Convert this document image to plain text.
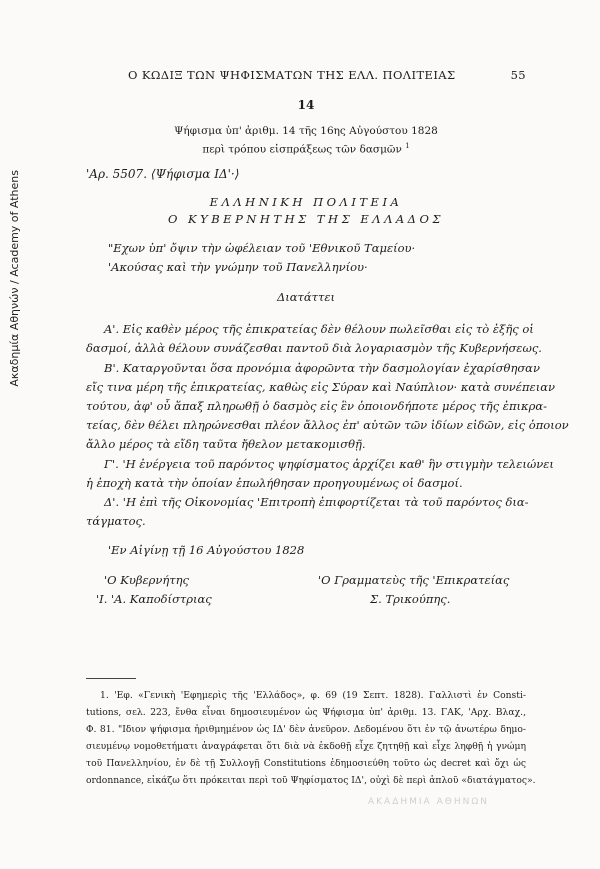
Ακαδημία Αθηνών / Academy of Athens
Ο ΚΩΔΙΞ ΤΩΝ ΨΗΦΙΣΜΑΤΩΝ ΤΗΣ ΕΛΛ. ΠΟΛΙΤΕΙΑΣ	55
14
Ψήφισμα ὑπ' ἀριθμ. 14 τῆς 16ης Αὐγούστου 1828
περὶ τρόπου εἰσπράξεως τῶν δασμῶν $^1$
'Αρ. 5507. ⟨Ψήφισμα ΙΔ'·⟩
ΕΛΛΗΝΙΚΗ ΠΟΛΙΤΕΙΑ
Ο ΚΥΒΕΡΝΗΤΗΣ ΤΗΣ ΕΛΛΑΔΟΣ
"Εχων ὑπ' ὄψιν τὴν ὠφέλειαν τοῦ 'Εθνικοῦ Ταμείου·
'Ακούσας καὶ τὴν γνώμην τοῦ Πανελληνίου·
Διατάττει
Α'. Εἰς καθὲν μέρος τῆς ἐπικρατείας δὲν θέλουν πωλεῖσθαι εἰς τὸ ἑξῆς οἱ
δασμοί, ἀλλὰ θέλουν συνάζεσθαι παντοῦ διὰ λογαριασμὸν τῆς Κυβερνήσεως.
Β'. Καταργοῦνται ὅσα προνόμια ἀφορῶντα τὴν δασμολογίαν ἐχαρίσθησαν
εἴς τινα μέρη τῆς ἐπικρατείας, καθὼς εἰς Σύραν καὶ Ναύπλιον· κατὰ συνέπειαν
τούτου, ἀφ' οὗ ἅπαξ πληρωθῇ ὁ δασμὸς εἰς ἓν ὁποιονδήποτε μέρος τῆς ἐπικρα-
τείας, δὲν θέλει πληρώνεσθαι πλέον ἄλλος ἐπ' αὐτῶν τῶν ἰδίων εἰδῶν, εἰς ὁποιον
ἄλλο μέρος τὰ εἴδη ταῦτα ἤθελον μετακομισθῇ.
Γ'. 'Η ἐνέργεια τοῦ παρόντος ψηφίσματος ἀρχίζει καθ' ἣν στιγμὴν τελειώνει
ἡ ἐποχὴ κατὰ τὴν ὁποίαν ἐπωλήθησαν προηγουμένως οἱ δασμοί.
Δ'. 'Η ἐπὶ τῆς Οἰκονομίας 'Επιτροπὴ ἐπιφορτίζεται τὰ τοῦ παρόντος δια-
τάγματος.
'Εν Αἰγίνῃ τῇ 16 Αὐγούστου 1828
'Ο Κυβερνήτης
'Ι. 'Α. Καποδίστριας
'Ο Γραμματεὺς τῆς 'Επικρατείας
Σ. Τρικούπης.
1. 'Εφ. «Γενικὴ 'Εφημερὶς τῆς 'Ελλάδος», φ. 69 (19 Σεπτ. 1828). Γαλλιστὶ ἐν Consti-
tutions, σελ. 223, ἔνθα εἶναι δημοσιευμένον ὡς Ψήφισμα ὑπ' ἀριθμ. 13. ΓΑΚ, 'Αρχ. Βλαχ.,
Φ. 81. "Ιδιον ψήφισμα ἠριθμημένον ὡς ΙΔ' δὲν ἀνεῦρον. Δεδομένου ὅτι ἐν τῷ ἀνωτέρω δημο-
σιευμένῳ νομοθετήματι ἀναγράφεται ὅτι διὰ νὰ ἐκδοθῇ εἶχε ζητηθῇ καὶ εἶχε ληφθῇ ἡ γνώμη
τοῦ Πανελληνίου, ἐν δὲ τῇ Συλλογῇ Constitutions ἐδημοσιεύθη τοῦτο ὡς decret καὶ ὄχι ὡς
ordonnance, εἰκάζω ὅτι πρόκειται περὶ τοῦ Ψηφίσματος ΙΔ', οὐχὶ δὲ περὶ ἁπλοῦ «διατάγματος».
ΑΚΑΔΗΜΙΑ ΑΘΗΝΩΝ
